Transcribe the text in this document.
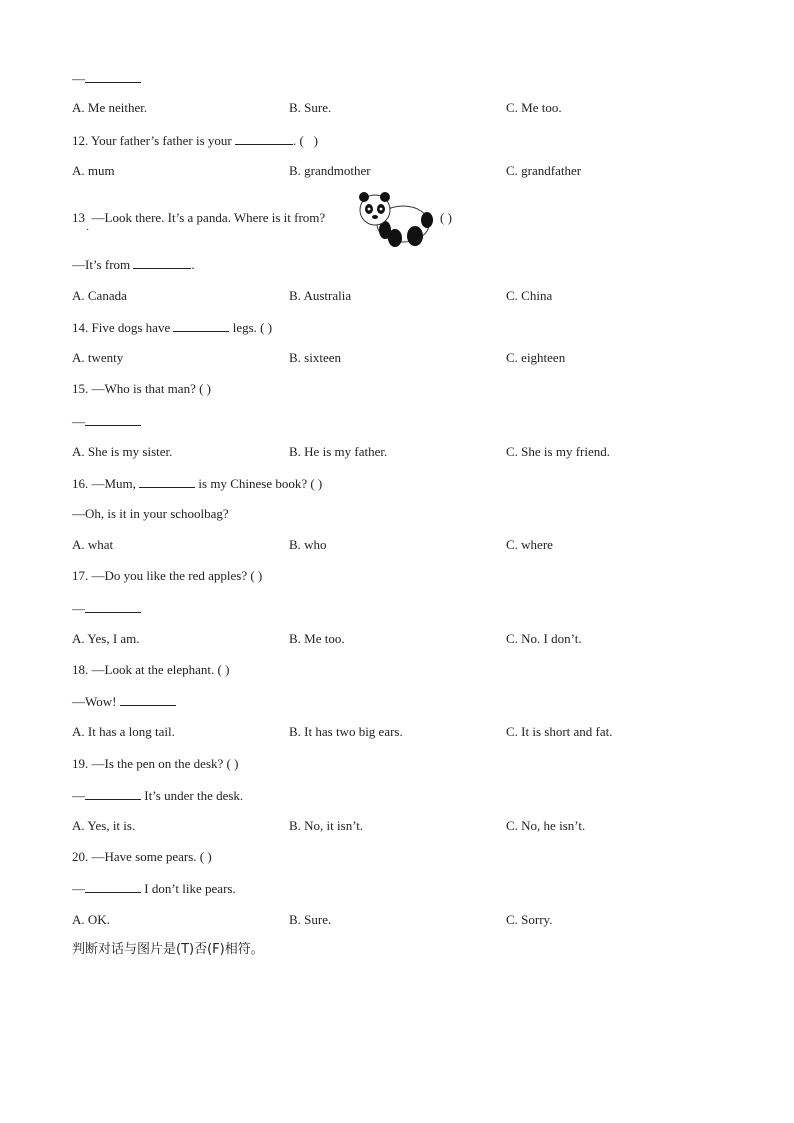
—
A. Me neither.	B. Sure.	C. Me too.
12. Your father’s father is your	. ( )
A. mum	B. grandmother	C. grandfather
13 —Look there. It’s a panda. Where is it from?
·
( )
—It’s from	.
A. Canada	B. Australia	C. China
14. Five dogs have	legs. ( )
A. twenty	B. sixteen	C. eighteen
15. —Who is that man? ( )
—
A. She is my sister.	B. He is my father.	C. She is my friend.
16. —Mum,	is my Chinese book? ( )
—Oh, is it in your schoolbag?
A. what	B. who	C. where
17. —Do you like the red apples? ( )
—
A. Yes, I am.	B. Me too.	C. No. I don’t.
18. —Look at the elephant. ( )
—Wow!
A. It has a long tail.	B. It has two big ears.	C. It is short and fat.
19. —Is the pen on the desk? ( )
—	It’s under the desk.
A. Yes, it is.	B. No, it isn’t.	C. No, he isn’t.
20. —Have some pears. ( )
—	I don’t like pears.
A. OK.	B. Sure.	C. Sorry.
判断对话与图片是(T)否(F)相符。
